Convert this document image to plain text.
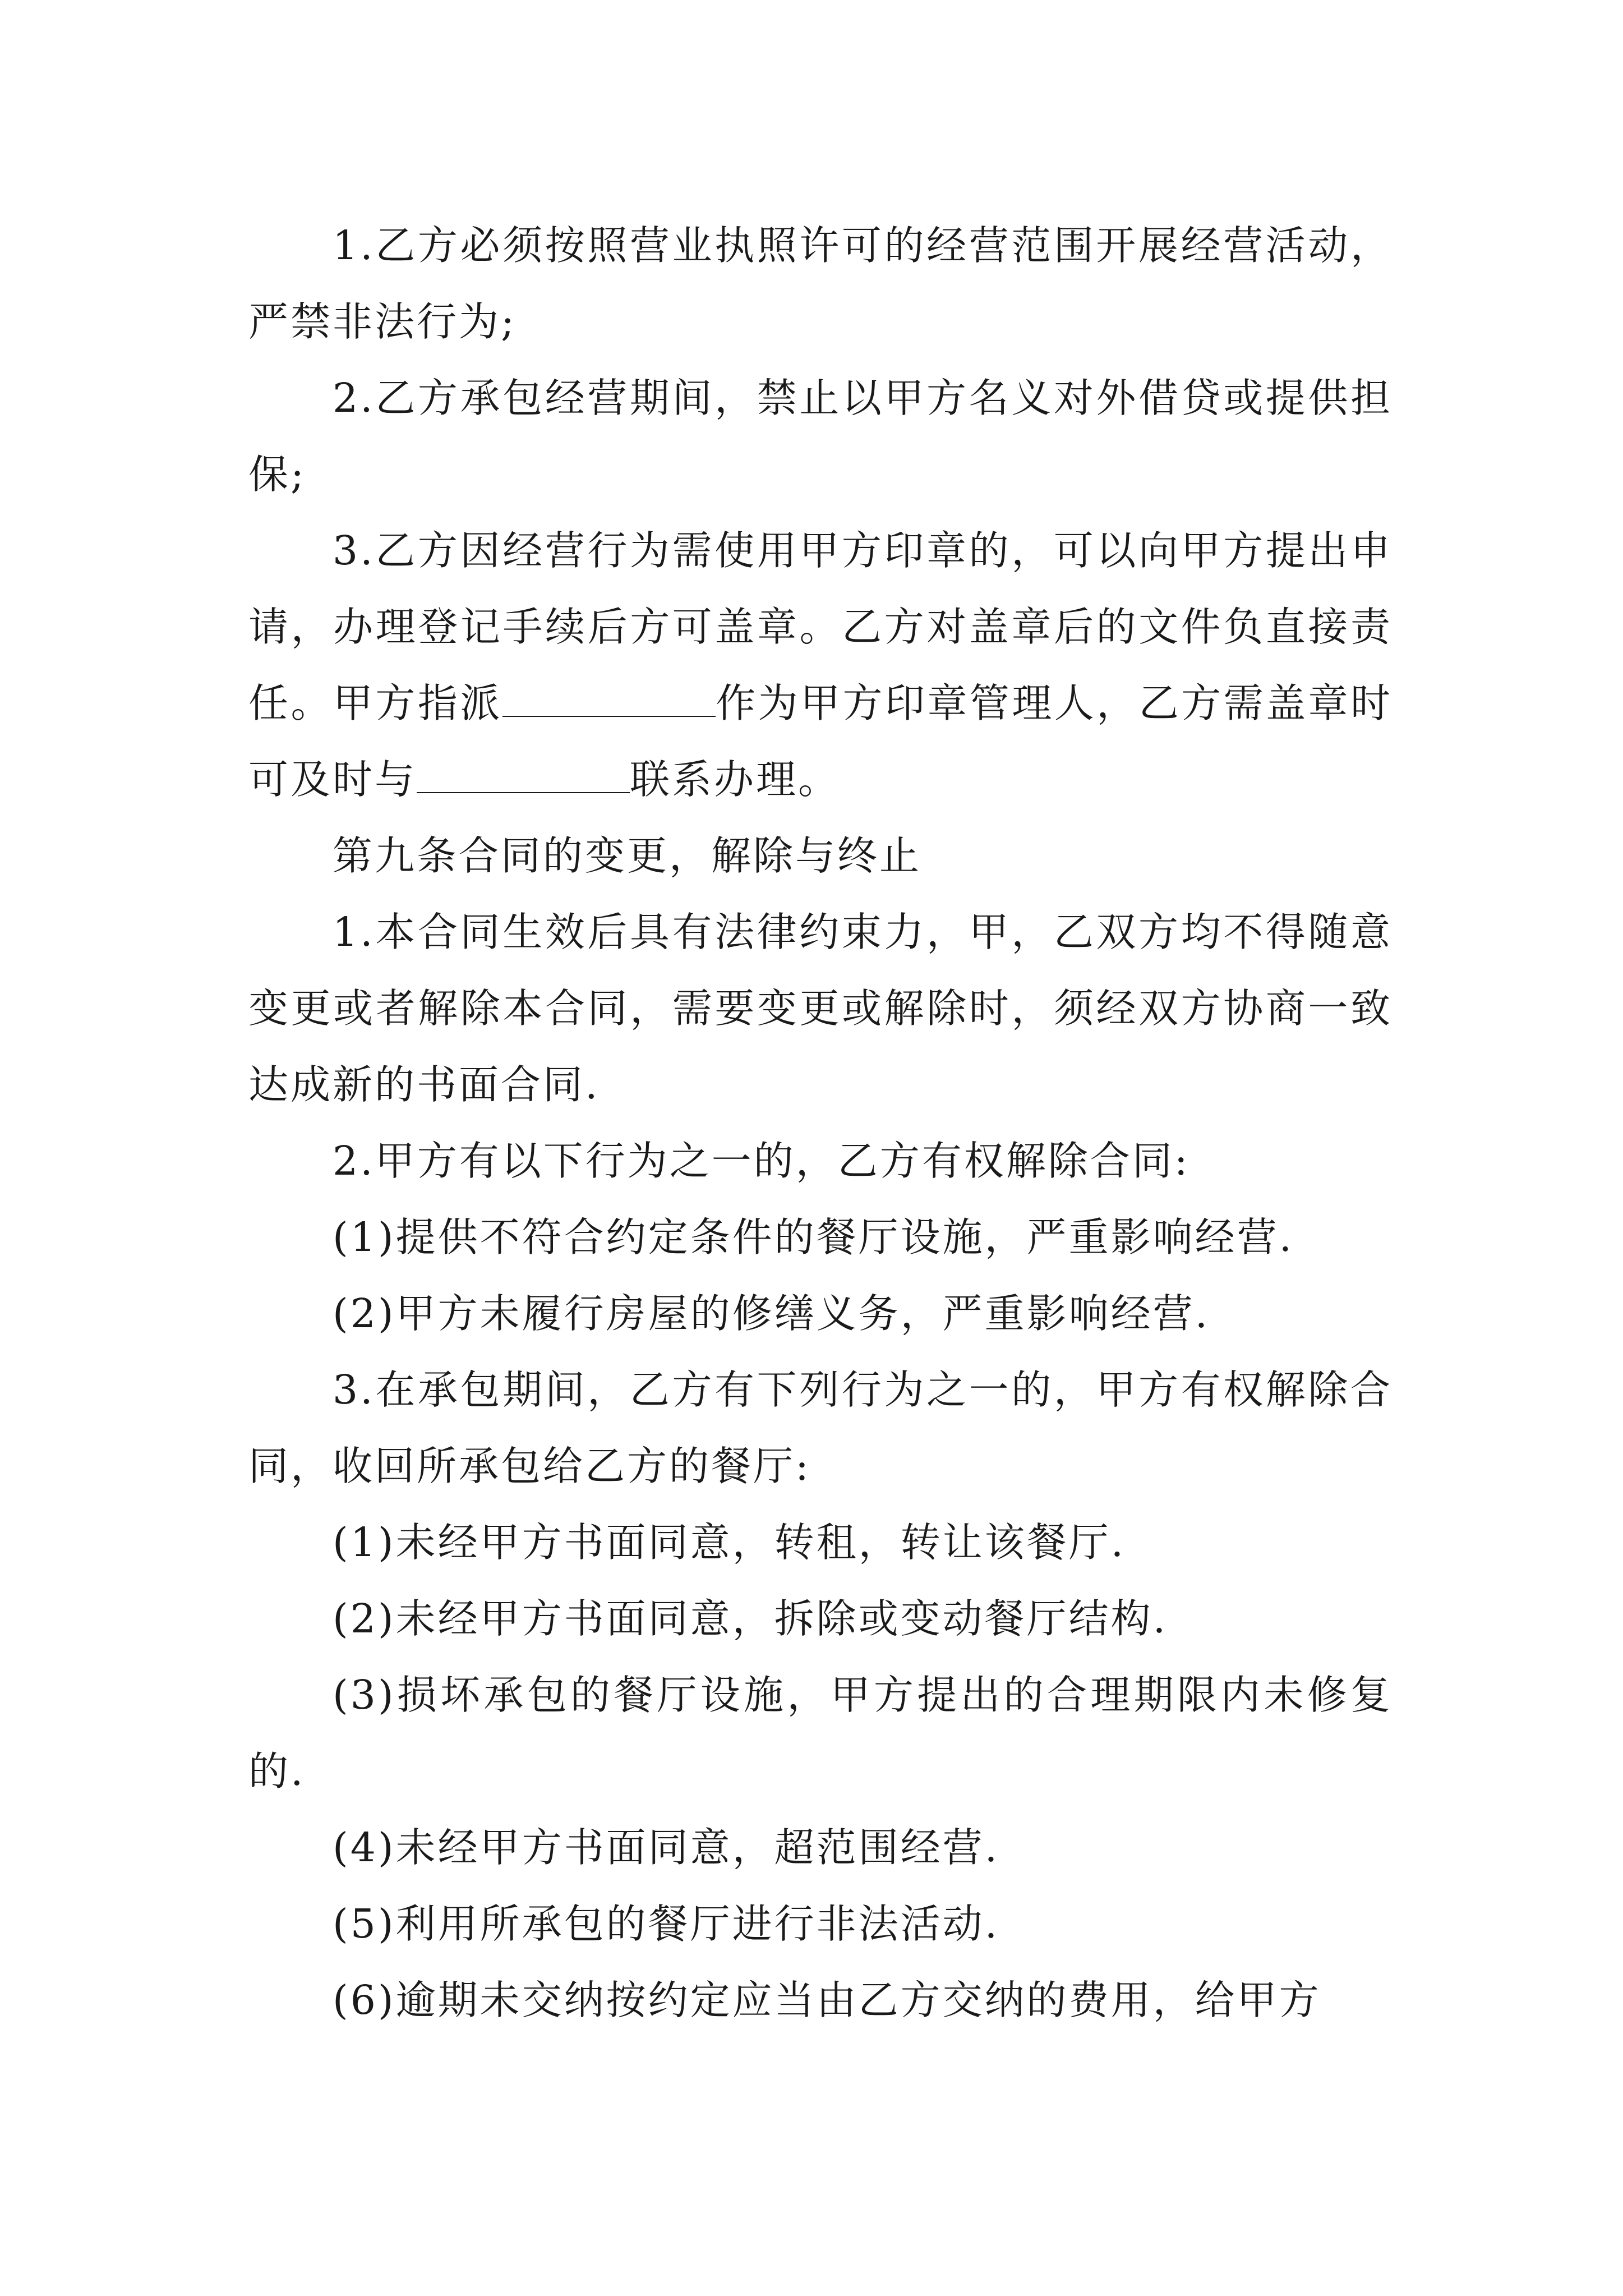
1.乙方必须按照营业执照许可的经营范围开展经营活动，严禁非法行为;

2.乙方承包经营期间，禁止以甲方名义对外借贷或提供担保;

3.乙方因经营行为需使用甲方印章的，可以向甲方提出申请，办理登记手续后方可盖章。乙方对盖章后的文件负直接责任。甲方指派	作为甲方印章管理人，乙方需盖章时可及时与	联系办理。

第九条合同的变更，解除与终止

1.本合同生效后具有法律约束力，甲，乙双方均不得随意变更或者解除本合同，需要变更或解除时，须经双方协商一致达成新的书面合同.

2.甲方有以下行为之一的，乙方有权解除合同:

(1)提供不符合约定条件的餐厅设施，严重影响经营.

(2)甲方未履行房屋的修缮义务，严重影响经营.

3.在承包期间，乙方有下列行为之一的，甲方有权解除合同，收回所承包给乙方的餐厅:

(1)未经甲方书面同意，转租，转让该餐厅.

(2)未经甲方书面同意，拆除或变动餐厅结构.

(3)损坏承包的餐厅设施，甲方提出的合理期限内未修复的.

(4)未经甲方书面同意，超范围经营.

(5)利用所承包的餐厅进行非法活动.

(6)逾期未交纳按约定应当由乙方交纳的费用，给甲方
